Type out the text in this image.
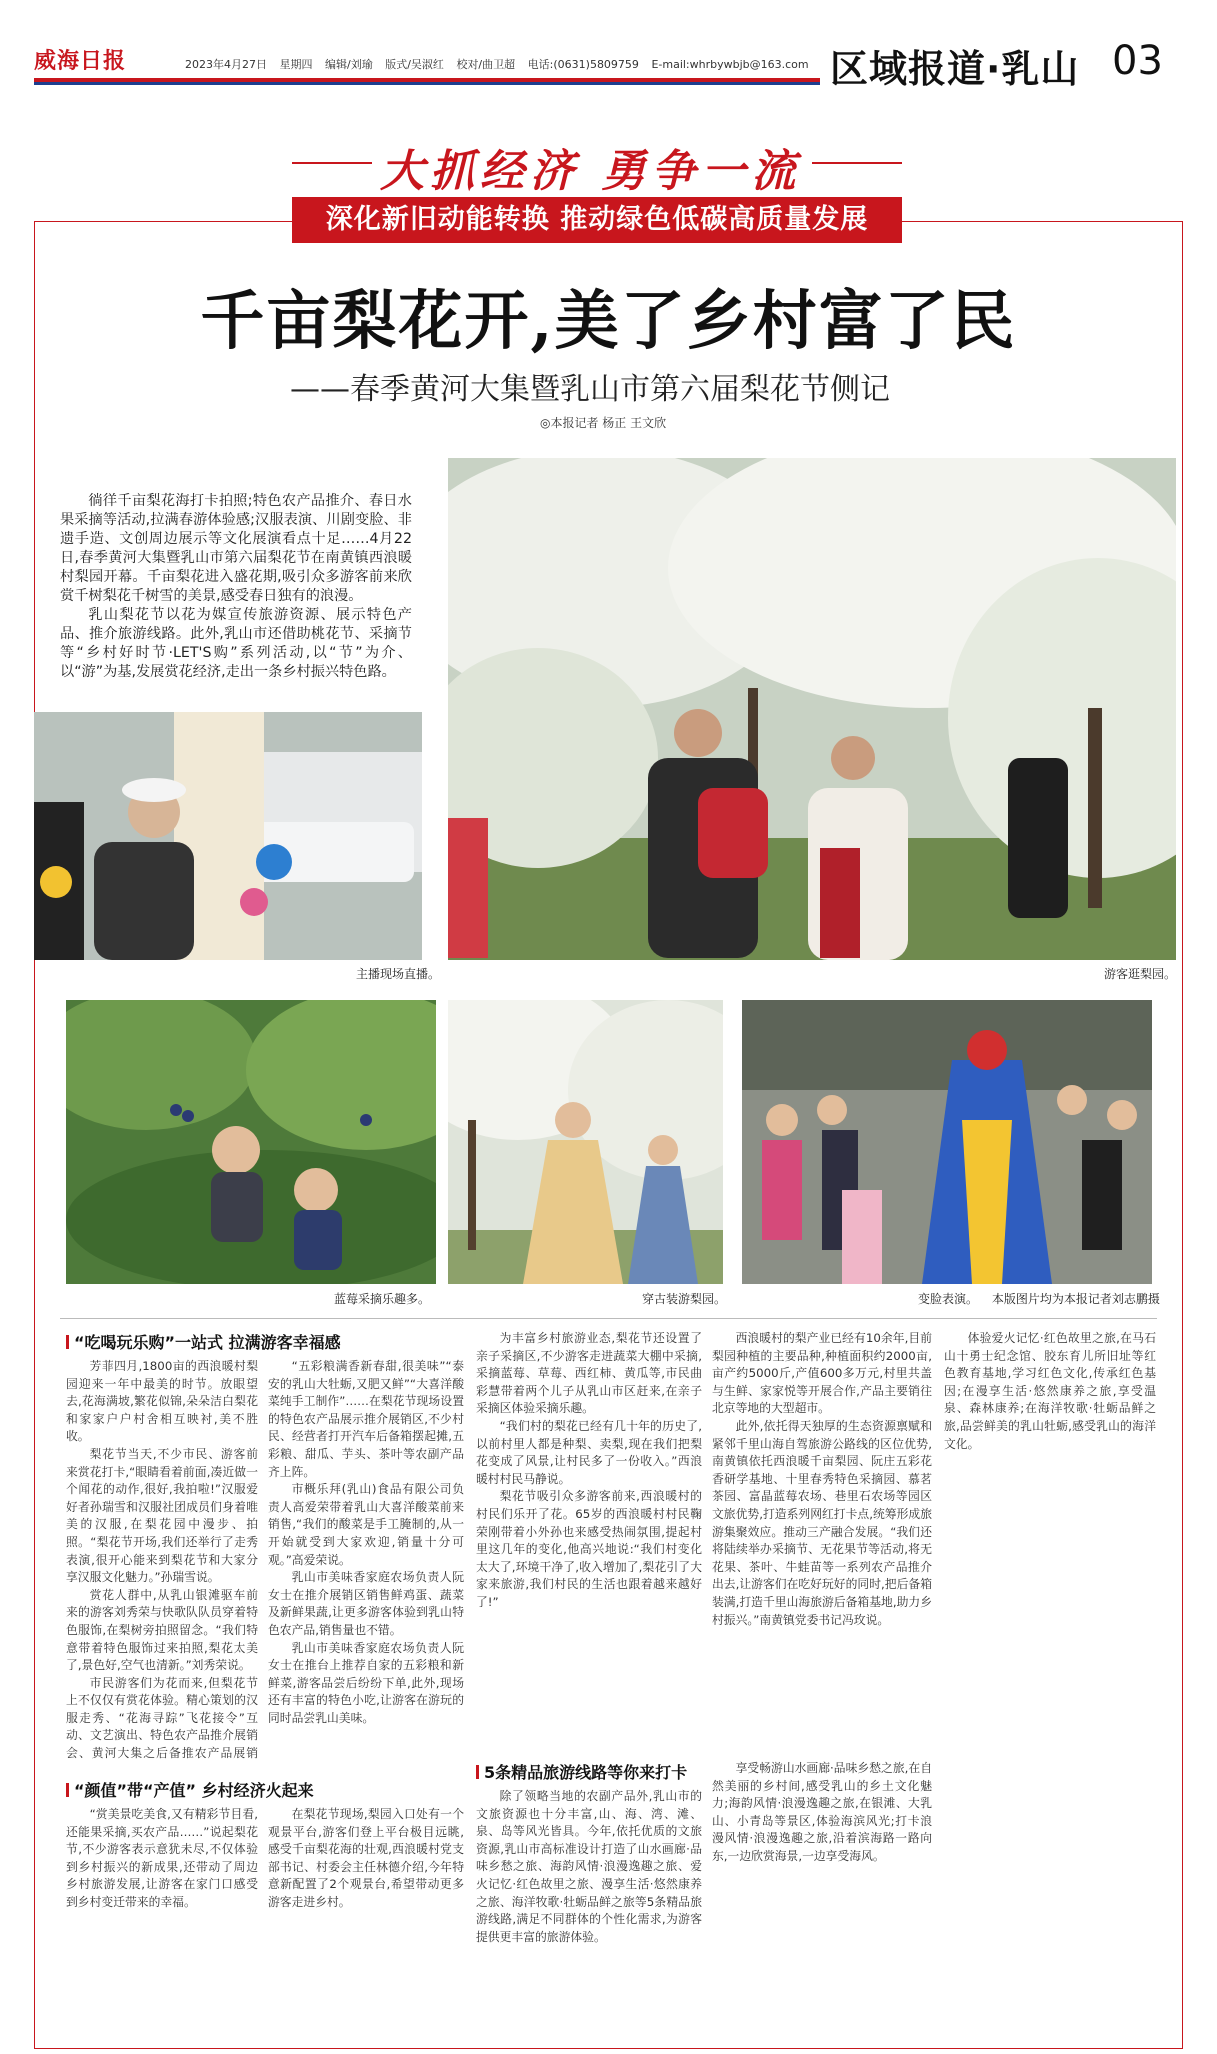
威海日报	2023年4月27日 星期四 编辑/刘瑜 版式/吴淑红 校对/曲卫超 电话:(0631)5809759 E-mail:whrbywbjb@163.com 区域报道·乳山 03
大抓经济 勇争一流
深化新旧动能转换 推动绿色低碳高质量发展
千亩梨花开,美了乡村富了民
——春季黄河大集暨乳山市第六届梨花节侧记
◎本报记者 杨正 王文欣

徜徉千亩梨花海打卡拍照;特色农产品推介、春日水果采摘等活动,拉满春游体验感;汉服表演、川剧变脸、非遗手造、文创周边展示等文化展演看点十足……4月22日,春季黄河大集暨乳山市第六届梨花节在南黄镇西浪暖村梨园开幕。千亩梨花进入盛花期,吸引众多游客前来欣赏千树梨花千树雪的美景,感受春日独有的浪漫。

乳山梨花节以花为媒宣传旅游资源、展示特色产品、推介旅游线路。此外,乳山市还借助桃花节、采摘节等“乡村好时节·LET'S购”系列活动,以“节”为介、以“游”为基,发展赏花经济,走出一条乡村振兴特色路。

游客逛梨园。
主播现场直播。
蓝莓采摘乐趣多。	穿古装游梨园。	变脸表演。 本版图片均为本报记者刘志鹏摄
“吃喝玩乐购”一站式 拉满游客幸福感

芳菲四月,1800亩的西浪暖村梨园迎来一年中最美的时节。放眼望去,花海满坡,繁花似锦,朵朵洁白梨花和家家户户村舍相互映衬,美不胜收。

梨花节当天,不少市民、游客前来赏花打卡,“眼睛看着前面,凑近做一个闻花的动作,很好,我拍啦!”汉服爱好者孙瑞雪和汉服社团成员们身着唯美的汉服,在梨花园中漫步、拍照。“梨花节开场,我们还举行了走秀表演,很开心能来到梨花节和大家分享汉服文化魅力。”孙瑞雪说。

赏花人群中,从乳山银滩驱车前来的游客刘秀荣与快歌队队员穿着特色服饰,在梨树旁拍照留念。“我们特意带着特色服饰过来拍照,梨花太美了,景色好,空气也清新。”刘秀荣说。

市民游客们为花而来,但梨花节上不仅仅有赏花体验。精心策划的汉服走秀、“花海寻踪”飞花接令”互动、文艺演出、特色农产品推介展销会、黄河大集之后备推农产品展销

“五彩粮满香新春甜,很美味”“泰安的乳山大牡蛎,又肥又鲜”“大喜洋酸菜纯手工制作”……在梨花节现场设置的特色农产品展示推介展销区,不少村民、经营者打开汽车后备箱摆起摊,五彩粮、甜瓜、芋头、茶叶等农副产品齐上阵。

市概乐拜(乳山)食品有限公司负责人高爱荣带着乳山大喜洋酸菜前来销售,“我们的酸菜是手工腌制的,从一开始就受到大家欢迎,销量十分可观。”高爱荣说。

乳山市美味香家庭农场负责人阮女士在推介展销区销售鲜鸡蛋、蔬菜及新鲜果蔬,让更多游客体验到乳山特色农产品,销售量也不错。

乳山市美味香家庭农场负责人阮女士在推台上推荐自家的五彩粮和新鲜菜,游客品尝后纷纷下单,此外,现场还有丰富的特色小吃,让游客在游玩的同时品尝乳山美味。

“颜值”带“产值” 乡村经济火起来

“赏美景吃美食,又有精彩节目看,还能果采摘,买农产品……”说起梨花节,不少游客表示意犹未尽,不仅体验到乡村振兴的新成果,还带动了周边乡村旅游发展,让游客在家门口感受到乡村变迁带来的幸福。

在梨花节现场,梨园入口处有一个观景平台,游客们登上平台极目远眺,感受千亩梨花海的壮观,西浪暖村党支部书记、村委会主任林德介绍,今年特意新配置了2个观景台,希望带动更多游客走进乡村。

为丰富乡村旅游业态,梨花节还设置了亲子采摘区,不少游客走进蔬菜大棚中采摘,采摘蓝莓、草莓、西红柿、黄瓜等,市民曲彩慧带着两个儿子从乳山市区赶来,在亲子采摘区体验采摘乐趣。

“我们村的梨花已经有几十年的历史了,以前村里人都是种梨、卖梨,现在我们把梨花变成了风景,让村民多了一份收入。”西浪暖村村民马静说。

梨花节吸引众多游客前来,西浪暖村的村民们乐开了花。65岁的西浪暖村村民鞠荣刚带着小外孙也来感受热闹氛围,提起村里这几年的变化,他高兴地说:“我们村变化太大了,环境干净了,收入增加了,梨花引了大家来旅游,我们村民的生活也跟着越来越好了!”

西浪暖村的梨产业已经有10余年,目前梨园种植的主要品种,种植面积约2000亩,亩产约5000斤,产值600多万元,村里共盖与生鲜、家家悦等开展合作,产品主要销往北京等地的大型超市。

此外,依托得天独厚的生态资源禀赋和紧邻千里山海自驾旅游公路线的区位优势,南黄镇依托西浪暖千亩梨园、阮庄五彩花香研学基地、十里春秀特色采摘园、慕茗茶园、富晶蓝莓农场、巷里石农场等园区文旅优势,打造系列网红打卡点,统筹形成旅游集聚效应。推动三产融合发展。“我们还将陆续举办采摘节、无花果节等活动,将无花果、茶叶、牛蛙苗等一系列农产品推介出去,让游客们在吃好玩好的同时,把后备箱装满,打造千里山海旅游后备箱基地,助力乡村振兴。”南黄镇党委书记冯玫说。

5条精品旅游线路等你来打卡

除了领略当地的农副产品外,乳山市的文旅资源也十分丰富,山、海、湾、滩、泉、岛等风光皆具。今年,依托优质的文旅资源,乳山市高标准设计打造了山水画廊·品味乡愁之旅、海韵风情·浪漫逸趣之旅、爱火记忆·红色故里之旅、漫享生活·悠然康养之旅、海洋牧歌·牡蛎品鲜之旅等5条精品旅游线路,满足不同群体的个性化需求,为游客提供更丰富的旅游体验。

享受畅游山水画廊·品味乡愁之旅,在自然美丽的乡村间,感受乳山的乡土文化魅力;海韵风情·浪漫逸趣之旅,在银滩、大乳山、小青岛等景区,体验海滨风光;打卡浪漫风情·浪漫逸趣之旅,沿着滨海路一路向东,一边欣赏海景,一边享受海风。

体验爱火记忆·红色故里之旅,在马石山十勇士纪念馆、胶东育儿所旧址等红色教育基地,学习红色文化,传承红色基因;在漫享生活·悠然康养之旅,享受温泉、森林康养;在海洋牧歌·牡蛎品鲜之旅,品尝鲜美的乳山牡蛎,感受乳山的海洋文化。
